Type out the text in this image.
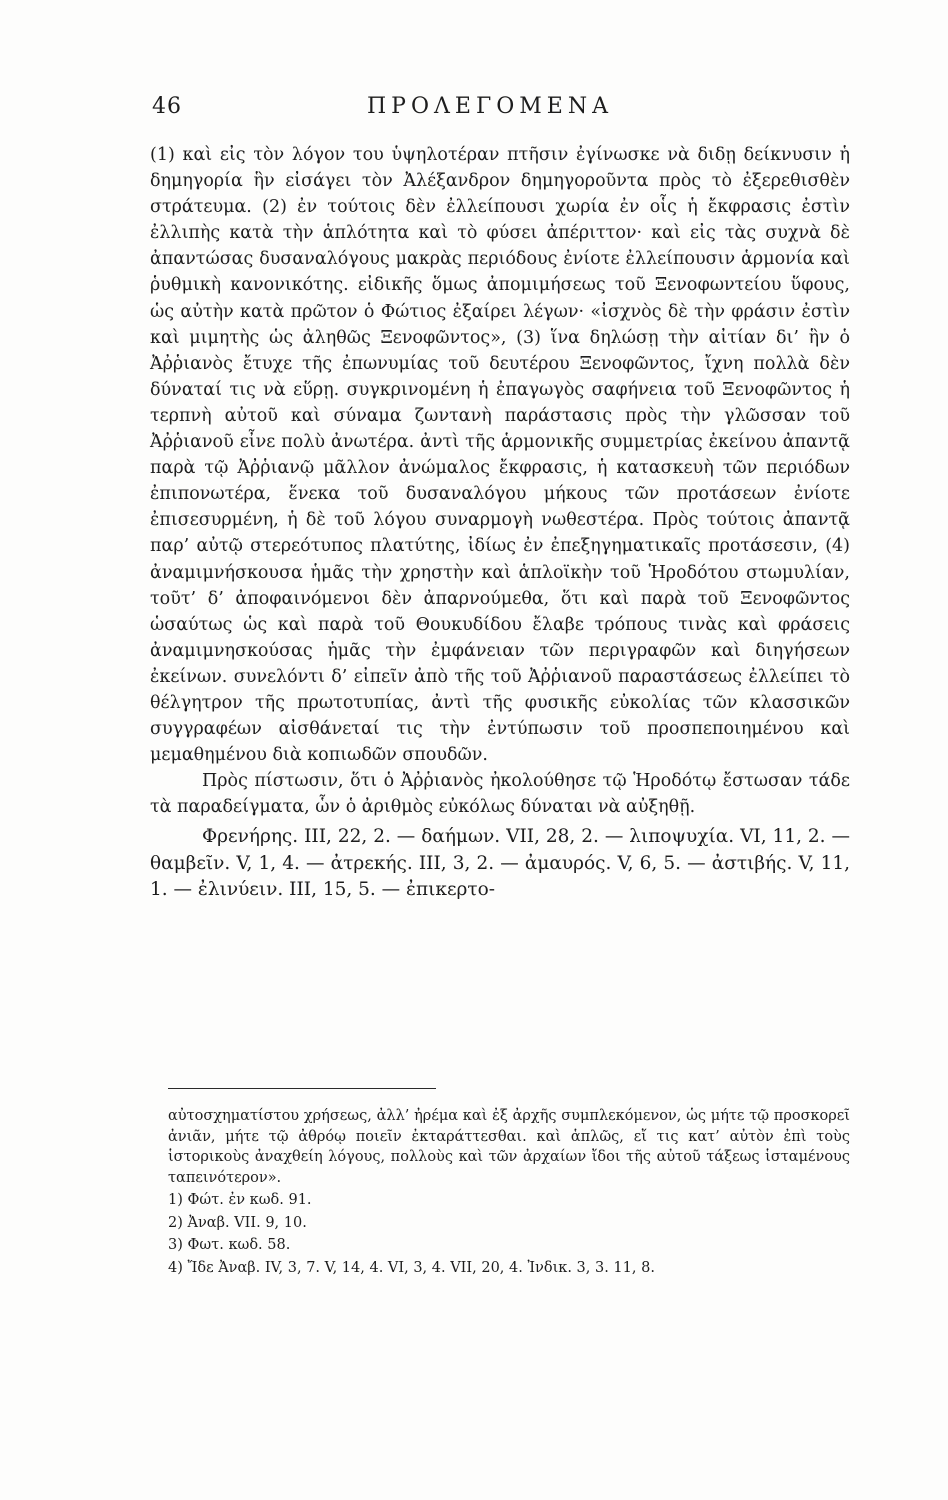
46	ΠΡΟΛΕΓΟΜΕΝΑ

(1) καὶ εἰς τὸν λόγον του ὑψηλοτέραν πτῆσιν ἐγίνωσκε νὰ διδῃ δείκνυσιν ἡ δημηγορία ἣν εἰσάγει τὸν Ἀλέξανδρον δημηγοροῦντα πρὸς τὸ ἐξερεθισθὲν στράτευμα. (2) ἐν τούτοις δὲν ἐλλείπουσι χωρία ἐν οἷς ἡ ἔκφρασις ἐστὶν ἐλλιπὴς κατὰ τὴν ἁπλότητα καὶ τὸ φύσει ἀπέριττον· καὶ εἰς τὰς συχνὰ δὲ ἀπαντώσας δυσαναλόγους μακρὰς περιόδους ἐνίοτε ἐλλείπουσιν ἁρμονία καὶ ῥυθμικὴ κανονικότης. εἰδικῆς ὅμως ἀπομιμήσεως τοῦ Ξενοφωντείου ὕφους, ὡς αὐτὴν κατὰ πρῶτον ὁ Φώτιος ἐξαίρει λέγων· «ἰσχνὸς δὲ τὴν φράσιν ἐστὶν καὶ μιμητὴς ὡς ἀληθῶς Ξενοφῶντος», (3) ἵνα δηλώσῃ τὴν αἰτίαν δι’ ἣν ὁ Ἀῤῥιανὸς ἔτυχε τῆς ἐπωνυμίας τοῦ δευτέρου Ξενοφῶντος, ἴχνη πολλὰ δὲν δύναταί τις νὰ εὕρῃ. συγκρινομένη ἡ ἐπαγωγὸς σαφήνεια τοῦ Ξενοφῶντος ἡ τερπνὴ αὐτοῦ καὶ σύναμα ζωντανὴ παράστασις πρὸς τὴν γλῶσσαν τοῦ Ἀῤῥιανοῦ εἶνε πολὺ ἀνωτέρα. ἀντὶ τῆς ἁρμονικῆς συμμετρίας ἐκείνου ἀπαντᾷ παρὰ τῷ Ἀῤῥιανῷ μᾶλλον ἀνώμαλος ἔκφρασις, ἡ κατασκευὴ τῶν περιόδων ἐπιπονωτέρα, ἕνεκα τοῦ δυσαναλόγου μήκους τῶν προτάσεων ἐνίοτε ἐπισεσυρμένη, ἡ δὲ τοῦ λόγου συναρμογὴ νωθεστέρα. Πρὸς τούτοις ἀπαντᾷ παρ’ αὐτῷ στερεότυπος πλατύτης, ἰδίως ἐν ἐπεξηγηματικαῖς προτάσεσιν, (4) ἀναμιμνήσκουσα ἡμᾶς τὴν χρηστὴν καὶ ἁπλοϊκὴν τοῦ Ἡροδότου στωμυλίαν, τοῦτ’ δ’ ἀποφαινόμενοι δὲν ἀπαρνούμεθα, ὅτι καὶ παρὰ τοῦ Ξενοφῶντος ὡσαύτως ὡς καὶ παρὰ τοῦ Θουκυδίδου ἔλαβε τρόπους τινὰς καὶ φράσεις ἀναμιμνησκούσας ἡμᾶς τὴν ἐμφάνειαν τῶν περιγραφῶν καὶ διηγήσεων ἐκείνων. συνελόντι δ’ εἰπεῖν ἀπὸ τῆς τοῦ Ἀῤῥιανοῦ παραστάσεως ἐλλείπει τὸ θέλγητρον τῆς πρωτοτυπίας, ἀντὶ τῆς φυσικῆς εὐκολίας τῶν κλασσικῶν συγγραφέων αἰσθάνεταί τις τὴν ἐντύπωσιν τοῦ προσπεποιημένου καὶ μεμαθημένου διὰ κοπιωδῶν σπουδῶν.

Πρὸς πίστωσιν, ὅτι ὁ Ἀῤῥιανὸς ἠκολούθησε τῷ Ἡροδότῳ ἔστωσαν τάδε τὰ παραδείγματα, ὧν ὁ ἀριθμὸς εὐκόλως δύναται νὰ αὐξηθῇ.

Φρενήρης. III, 22, 2. — δαήμων. VII, 28, 2. — λιποψυχία. VI, 11, 2. — θαμβεῖν. V, 1, 4. — ἀτρεκής. III, 3, 2. — ἀμαυρός. V, 6, 5. — ἀστιβής. V, 11, 1. — ἐλινύειν. III, 15, 5. — ἐπικερτο-

αὐτοσχηματίστου χρήσεως, ἀλλ’ ἠρέμα καὶ ἐξ ἀρχῆς συμπλεκόμενον, ὡς μήτε τῷ προσκορεῖ ἀνιᾶν, μήτε τῷ ἀθρόῳ ποιεῖν ἐκταράττεσθαι. καὶ ἁπλῶς, εἴ τις κατ’ αὐτὸν ἐπὶ τοὺς ἱστορικοὺς ἀναχθείη λόγους, πολλοὺς καὶ τῶν ἀρχαίων ἴδοι τῆς αὐτοῦ τάξεως ἱσταμένους ταπεινότερον».

1) Φώτ. ἐν κωδ. 91.

2) Ἀναβ. VII. 9, 10.

3) Φωτ. κωδ. 58.

4) Ἴδε Ἀναβ. IV, 3, 7. V, 14, 4. VI, 3, 4. VII, 20, 4. Ἰνδικ. 3, 3. 11, 8.
